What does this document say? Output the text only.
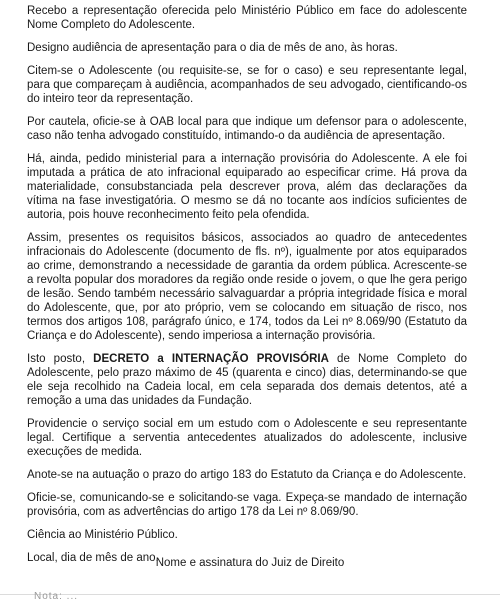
Recebo a representação oferecida pelo Ministério Público em face do adolescente Nome Completo do Adolescente.

Designo audiência de apresentação para o dia de mês de ano, às horas.

Citem-se o Adolescente (ou requisite-se, se for o caso) e seu representante legal, para que compareçam à audiência, acompanhados de seu advogado, cientificando-os do inteiro teor da representação.

Por cautela, oficie-se à OAB local para que indique um defensor para o adolescente, caso não tenha advogado constituído, intimando-o da audiência de apresentação.

Há, ainda, pedido ministerial para a internação provisória do Adolescente. A ele foi imputada a prática de ato infracional equiparado ao especificar crime. Há prova da materialidade, consubstanciada pela descrever prova, além das declarações da vítima na fase investigatória. O mesmo se dá no tocante aos indícios suficientes de autoria, pois houve reconhecimento feito pela ofendida.

Assim, presentes os requisitos básicos, associados ao quadro de antecedentes infracionais do Adolescente (documento de fls. nº), igualmente por atos equiparados ao crime, demonstrando a necessidade de garantia da ordem pública. Acrescente-se a revolta popular dos moradores da região onde reside o jovem, o que lhe gera perigo de lesão. Sendo também necessário salvaguardar a própria integridade física e moral do Adolescente, que, por ato próprio, vem se colocando em situação de risco, nos termos dos artigos 108, parágrafo único, e 174, todos da Lei nº 8.069/90 (Estatuto da Criança e do Adolescente), sendo imperiosa a internação provisória.

Isto posto, DECRETO a INTERNAÇÃO PROVISÓRIA de Nome Completo do Adolescente, pelo prazo máximo de 45 (quarenta e cinco) dias, determinando-se que ele seja recolhido na Cadeia local, em cela separada dos demais detentos, até a remoção a uma das unidades da Fundação.

Providencie o serviço social em um estudo com o Adolescente e seu representante legal. Certifique a serventia antecedentes atualizados do adolescente, inclusive execuções de medida.

Anote-se na autuação o prazo do artigo 183 do Estatuto da Criança e do Adolescente.

Oficie-se, comunicando-se e solicitando-se vaga. Expeça-se mandado de internação provisória, com as advertências do artigo 178 da Lei nº 8.069/90.

Ciência ao Ministério Público.

Local, dia de mês de ano.

Nome e assinatura do Juiz de Direito
Nota: ...
